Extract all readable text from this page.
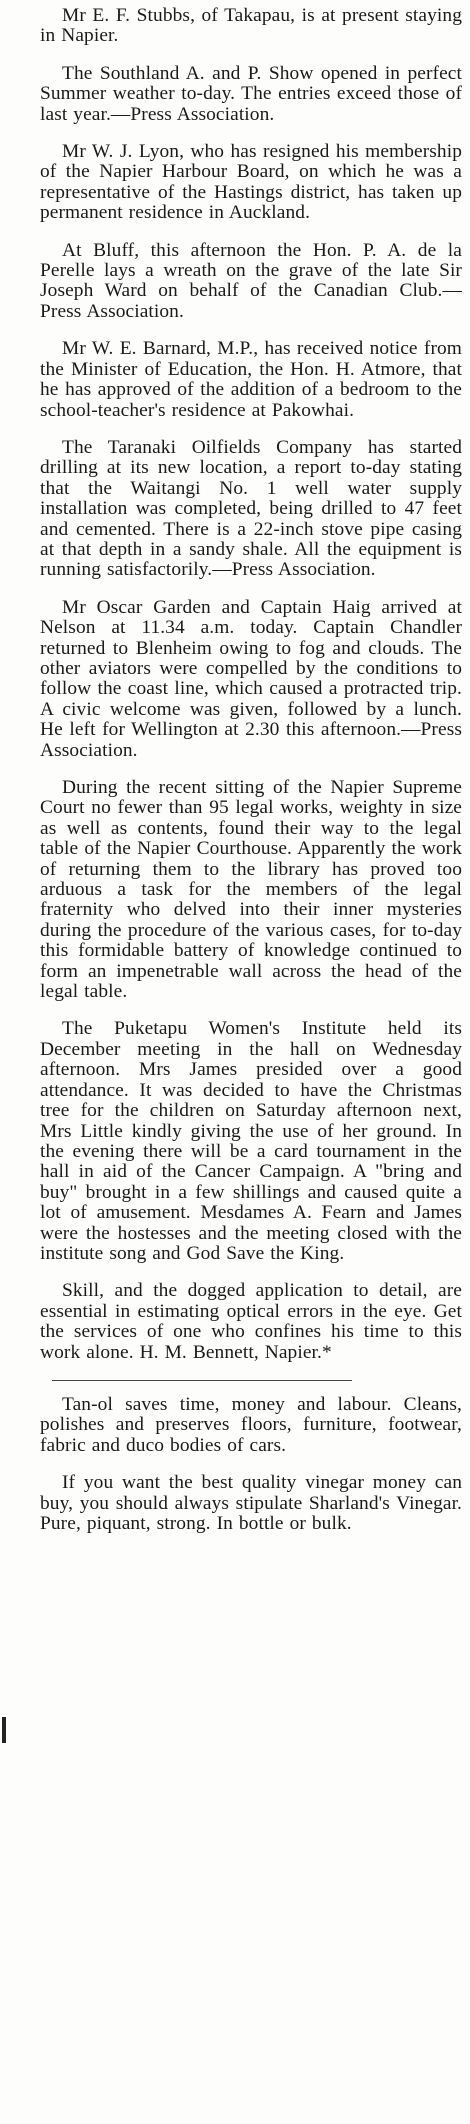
Mr E. F. Stubbs, of Takapau, is at present staying in Napier.

The Southland A. and P. Show opened in perfect Summer weather to-day. The entries exceed those of last year.—Press Association.

Mr W. J. Lyon, who has resigned his membership of the Napier Harbour Board, on which he was a representative of the Hastings district, has taken up permanent residence in Auckland.

At Bluff, this afternoon the Hon. P. A. de la Perelle lays a wreath on the grave of the late Sir Joseph Ward on behalf of the Canadian Club.—Press Association.

Mr W. E. Barnard, M.P., has received notice from the Minister of Education, the Hon. H. Atmore, that he has approved of the addition of a bedroom to the school-teacher's residence at Pakowhai.

The Taranaki Oilfields Company has started drilling at its new location, a report to-day stating that the Waitangi No. 1 well water supply installation was completed, being drilled to 47 feet and cemented. There is a 22-inch stove pipe casing at that depth in a sandy shale. All the equipment is running satisfactorily.—Press Association.

Mr Oscar Garden and Captain Haig arrived at Nelson at 11.34 a.m. today. Captain Chandler returned to Blenheim owing to fog and clouds. The other aviators were compelled by the conditions to follow the coast line, which caused a protracted trip. A civic welcome was given, followed by a lunch. He left for Wellington at 2.30 this afternoon.—Press Association.

During the recent sitting of the Napier Supreme Court no fewer than 95 legal works, weighty in size as well as contents, found their way to the legal table of the Napier Courthouse. Apparently the work of returning them to the library has proved too arduous a task for the members of the legal fraternity who delved into their inner mysteries during the procedure of the various cases, for to-day this formidable battery of knowledge continued to form an impenetrable wall across the head of the legal table.

The Puketapu Women's Institute held its December meeting in the hall on Wednesday afternoon. Mrs James presided over a good attendance. It was decided to have the Christmas tree for the children on Saturday afternoon next, Mrs Little kindly giving the use of her ground. In the evening there will be a card tournament in the hall in aid of the Cancer Campaign. A "bring and buy" brought in a few shillings and caused quite a lot of amusement. Mesdames A. Fearn and James were the hostesses and the meeting closed with the institute song and God Save the King.

Skill, and the dogged application to detail, are essential in estimating optical errors in the eye. Get the services of one who confines his time to this work alone. H. M. Bennett, Napier.*

Tan-ol saves time, money and labour. Cleans, polishes and preserves floors, furniture, footwear, fabric and duco bodies of cars.

If you want the best quality vinegar money can buy, you should always stipulate Sharland's Vinegar. Pure, piquant, strong. In bottle or bulk.
